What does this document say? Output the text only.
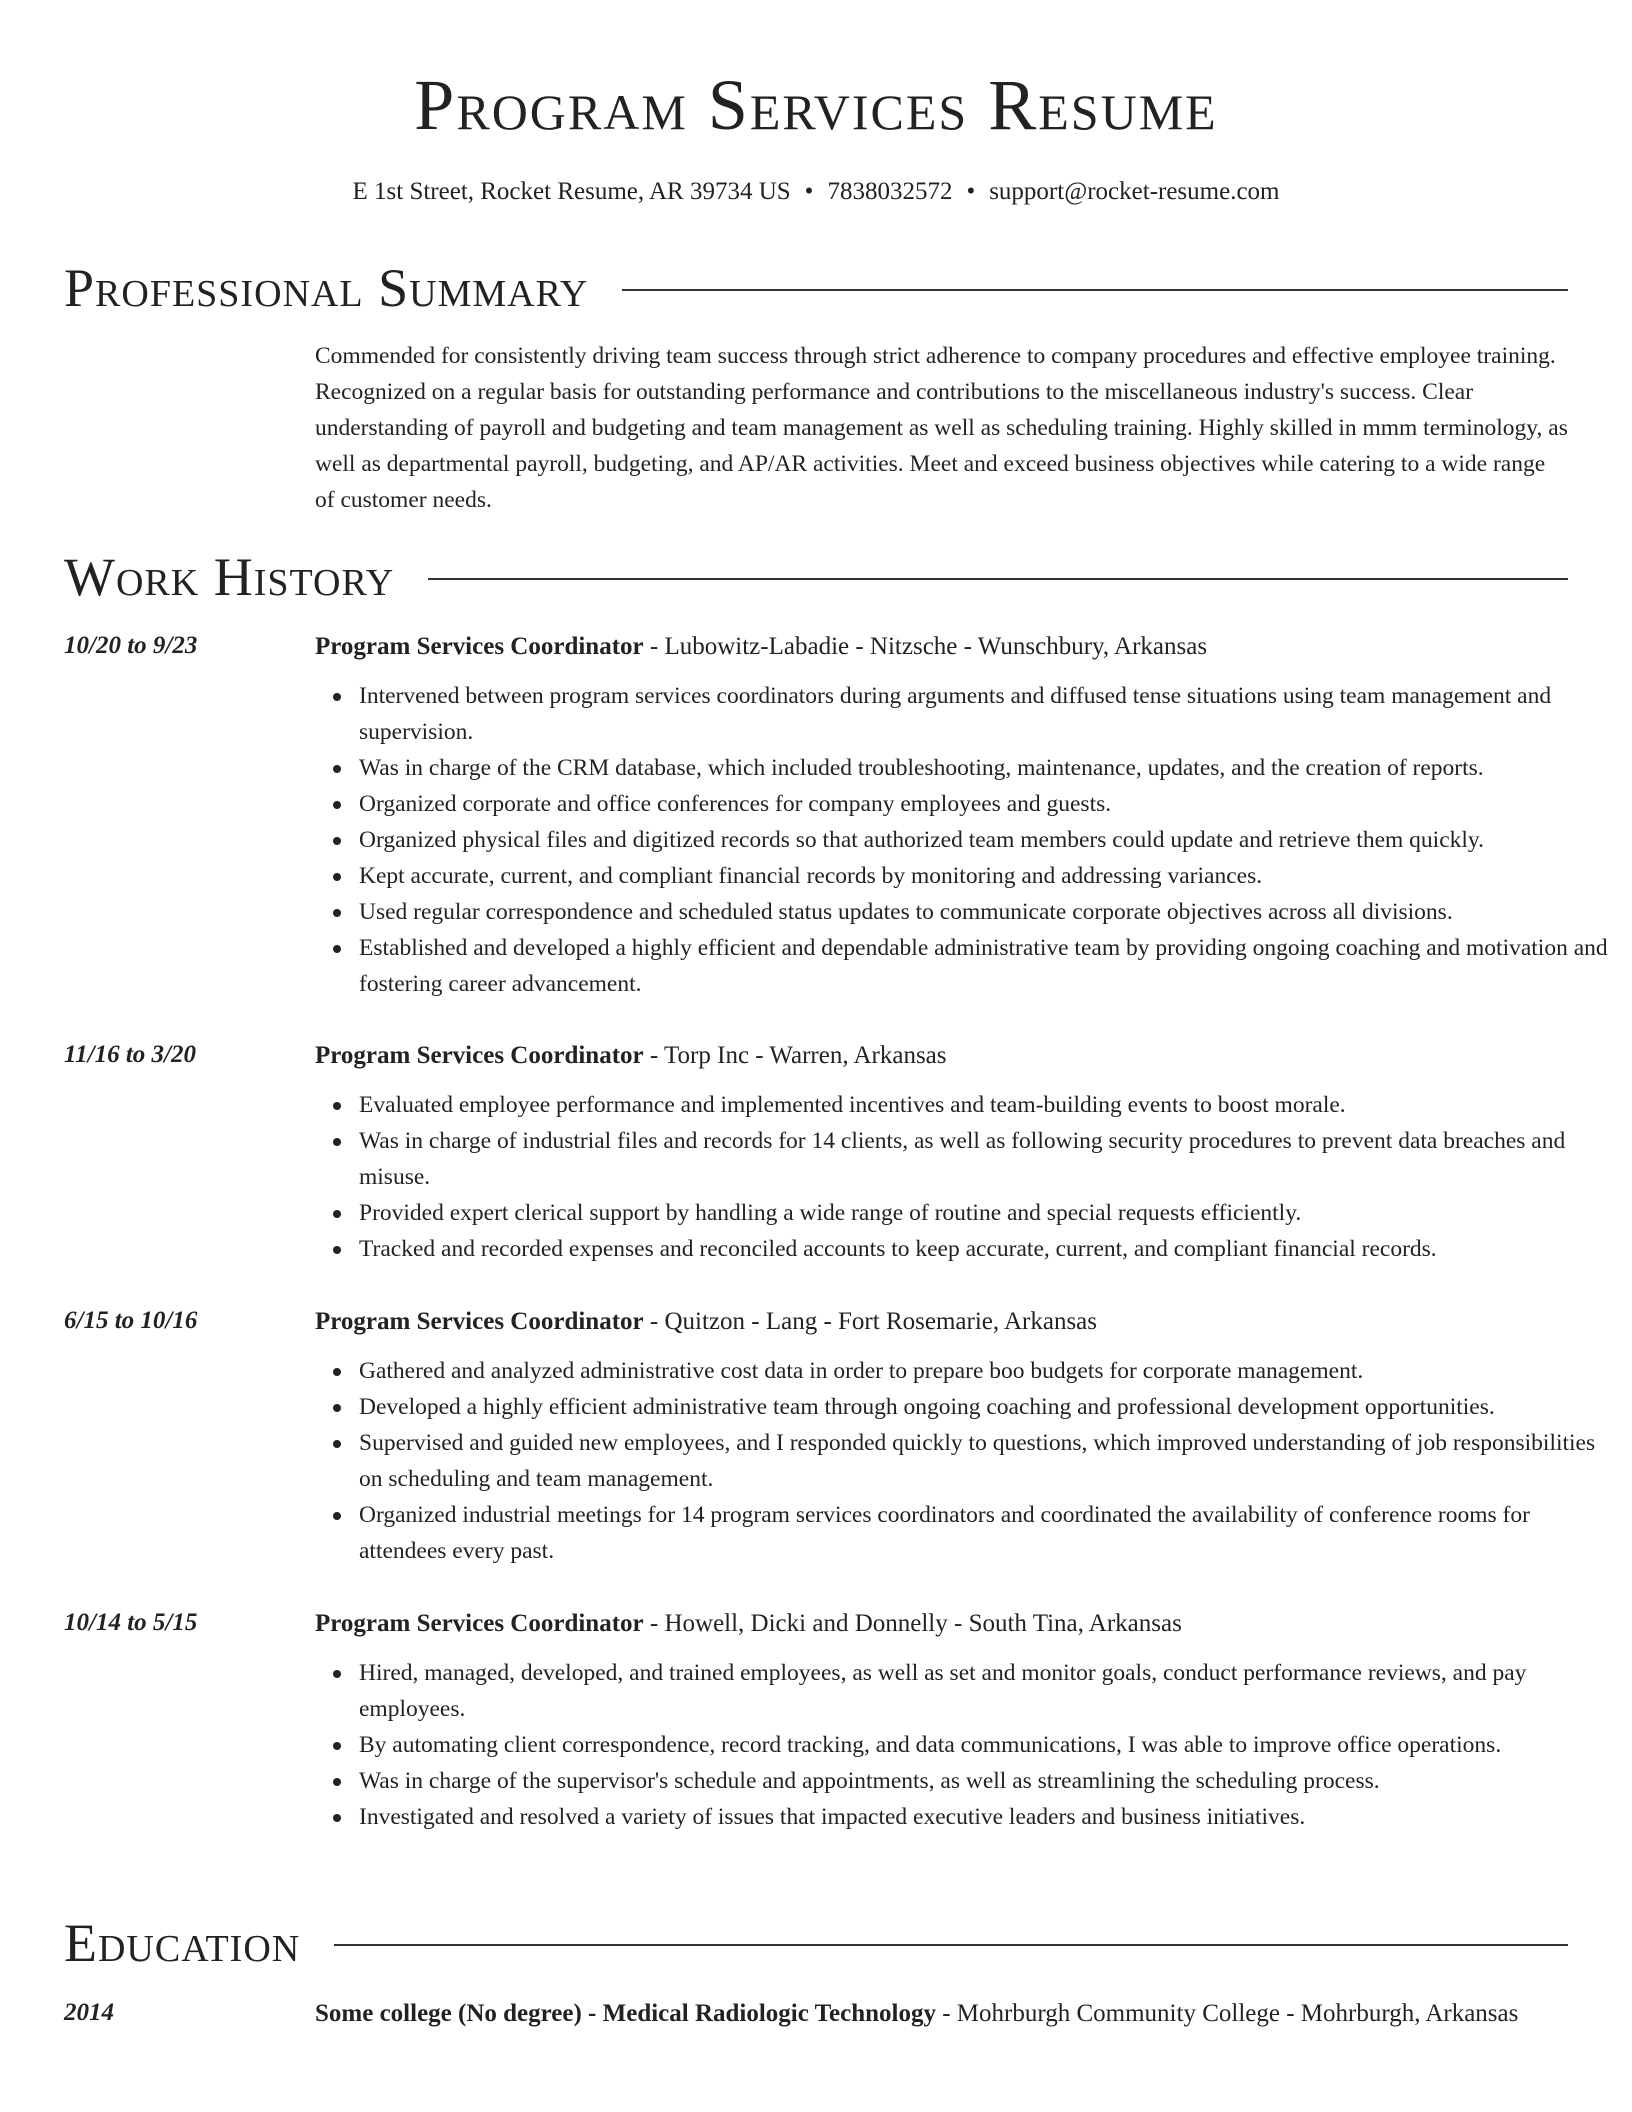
Program Services Resume
E 1st Street, Rocket Resume, AR 39734 US • 7838032572 • support@rocket-resume.com
Professional Summary

Commended for consistently driving team success through strict adherence to company procedures and effective employee training. Recognized on a regular basis for outstanding performance and contributions to the miscellaneous industry's success. Clear understanding of payroll and budgeting and team management as well as scheduling training. Highly skilled in mmm terminology, as well as departmental payroll, budgeting, and AP/AR activities. Meet and exceed business objectives while catering to a wide range of customer needs.

Work History
10/20 to 9/23	Program Services Coordinator - Lubowitz-Labadie - Nitzsche - Wunschbury, Arkansas
Intervened between program services coordinators during arguments and diffused tense situations using team management and supervision.
Was in charge of the CRM database, which included troubleshooting, maintenance, updates, and the creation of reports.
Organized corporate and office conferences for company employees and guests.
Organized physical files and digitized records so that authorized team members could update and retrieve them quickly.
Kept accurate, current, and compliant financial records by monitoring and addressing variances.
Used regular correspondence and scheduled status updates to communicate corporate objectives across all divisions.
Established and developed a highly efficient and dependable administrative team by providing ongoing coaching and motivation and fostering career advancement.
11/16 to 3/20	Program Services Coordinator - Torp Inc - Warren, Arkansas
Evaluated employee performance and implemented incentives and team-building events to boost morale.
Was in charge of industrial files and records for 14 clients, as well as following security procedures to prevent data breaches and misuse.
Provided expert clerical support by handling a wide range of routine and special requests efficiently.
Tracked and recorded expenses and reconciled accounts to keep accurate, current, and compliant financial records.
6/15 to 10/16	Program Services Coordinator - Quitzon - Lang - Fort Rosemarie, Arkansas
Gathered and analyzed administrative cost data in order to prepare boo budgets for corporate management.
Developed a highly efficient administrative team through ongoing coaching and professional development opportunities.
Supervised and guided new employees, and I responded quickly to questions, which improved understanding of job responsibilities on scheduling and team management.
Organized industrial meetings for 14 program services coordinators and coordinated the availability of conference rooms for attendees every past.
10/14 to 5/15	Program Services Coordinator - Howell, Dicki and Donnelly - South Tina, Arkansas
Hired, managed, developed, and trained employees, as well as set and monitor goals, conduct performance reviews, and pay employees.
By automating client correspondence, record tracking, and data communications, I was able to improve office operations.
Was in charge of the supervisor's schedule and appointments, as well as streamlining the scheduling process.
Investigated and resolved a variety of issues that impacted executive leaders and business initiatives.
Education
2014	Some college (No degree) - Medical Radiologic Technology - Mohrburgh Community College - Mohrburgh, Arkansas
